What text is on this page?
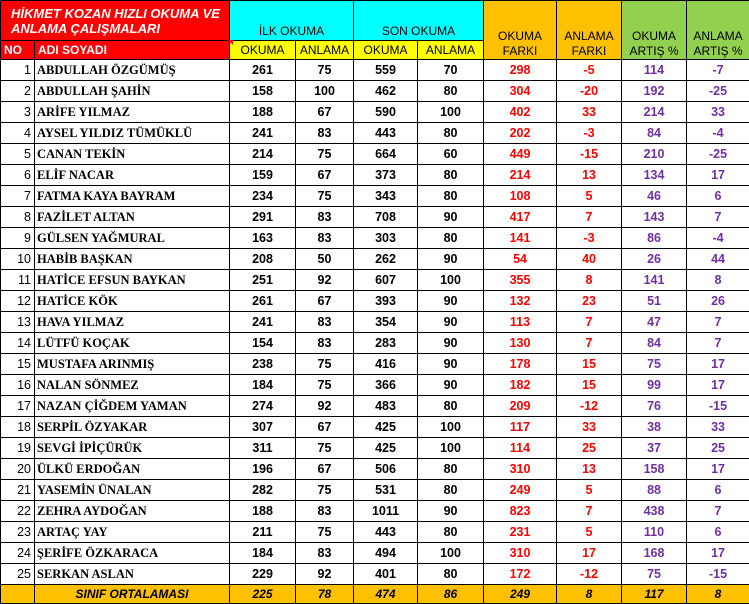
HİKMET KOZAN HIZLI OKUMA VE ANLAMA ÇALIŞMALARI		İLK OKUMA		SON OKUMA		OKUMA FARKI	ANLAMA FARKI	OKUMA ARTIŞ %	ANLAMA ARTIŞ %
NO	ADI SOYADI	OKUMA	ANLAMA	OKUMA	ANLAMA				
1	ABDULLAH ÖZGÜMÜŞ	261	75	559	70	298	-5	114	-7
2	ABDULLAH ŞAHİN	158	100	462	80	304	-20	192	-25
3	ARİFE YILMAZ	188	67	590	100	402	33	214	33
4	AYSEL YILDIZ TÜMÜKLÜ	241	83	443	80	202	-3	84	-4
5	CANAN TEKİN	214	75	664	60	449	-15	210	-25
6	ELİF NACAR	159	67	373	80	214	13	134	17
7	FATMA KAYA BAYRAM	234	75	343	80	108	5	46	6
8	FAZİLET ALTAN	291	83	708	90	417	7	143	7
9	GÜLSEN YAĞMURAL	163	83	303	80	141	-3	86	-4
10	HABİB BAŞKAN	208	50	262	90	54	40	26	44
11	HATİCE EFSUN BAYKAN	251	92	607	100	355	8	141	8
12	HATİCE KÖK	261	67	393	90	132	23	51	26
13	HAVA YILMAZ	241	83	354	90	113	7	47	7
14	LÜTFÜ KOÇAK	154	83	283	90	130	7	84	7
15	MUSTAFA ARINMIŞ	238	75	416	90	178	15	75	17
16	NALAN SÖNMEZ	184	75	366	90	182	15	99	17
17	NAZAN ÇİĞDEM YAMAN	274	92	483	80	209	-12	76	-15
18	SERPİL ÖZYAKAR	307	67	425	100	117	33	38	33
19	SEVGİ İPİÇÜRÜK	311	75	425	100	114	25	37	25
20	ÜLKÜ ERDOĞAN	196	67	506	80	310	13	158	17
21	YASEMİN ÜNALAN	282	75	531	80	249	5	88	6
22	ZEHRA AYDOĞAN	188	83	1011	90	823	7	438	7
23	ARTAÇ YAY	211	75	443	80	231	5	110	6
24	ŞERİFE ÖZKARACA	184	83	494	100	310	17	168	17
25	SERKAN ASLAN	229	92	401	80	172	-12	75	-15
	SINIF ORTALAMASI	225	78	474	86	249	8	117	8
